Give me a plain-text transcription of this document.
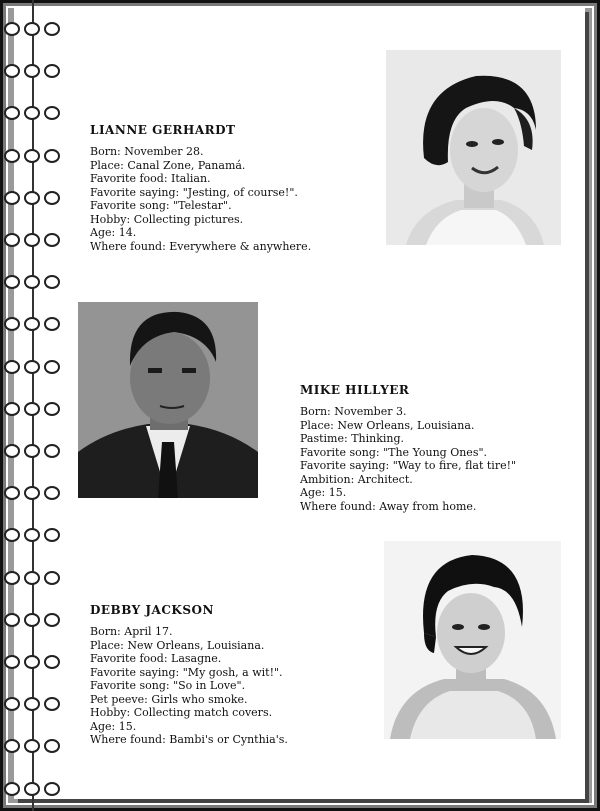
LIANNE GERHARDT
Born: November 28.
Place: Canal Zone, Panamá.
Favorite food: Italian.
Favorite saying: "Jesting, of course!".
Favorite song: "Telestar".
Hobby: Collecting pictures.
Age: 14.
Where found: Everywhere & anywhere.
MIKE HILLYER
Born: November 3.
Place: New Orleans, Louisiana.
Pastime: Thinking.
Favorite song: "The Young Ones".
Favorite saying: "Way to fire, flat tire!"
Ambition: Architect.
Age: 15.
Where found: Away from home.
DEBBY JACKSON
Born: April 17.
Place: New Orleans, Louisiana.
Favorite food: Lasagne.
Favorite saying: "My gosh, a wit!".
Favorite song: "So in Love".
Pet peeve: Girls who smoke.
Hobby: Collecting match covers.
Age: 15.
Where found: Bambi's or Cynthia's.
